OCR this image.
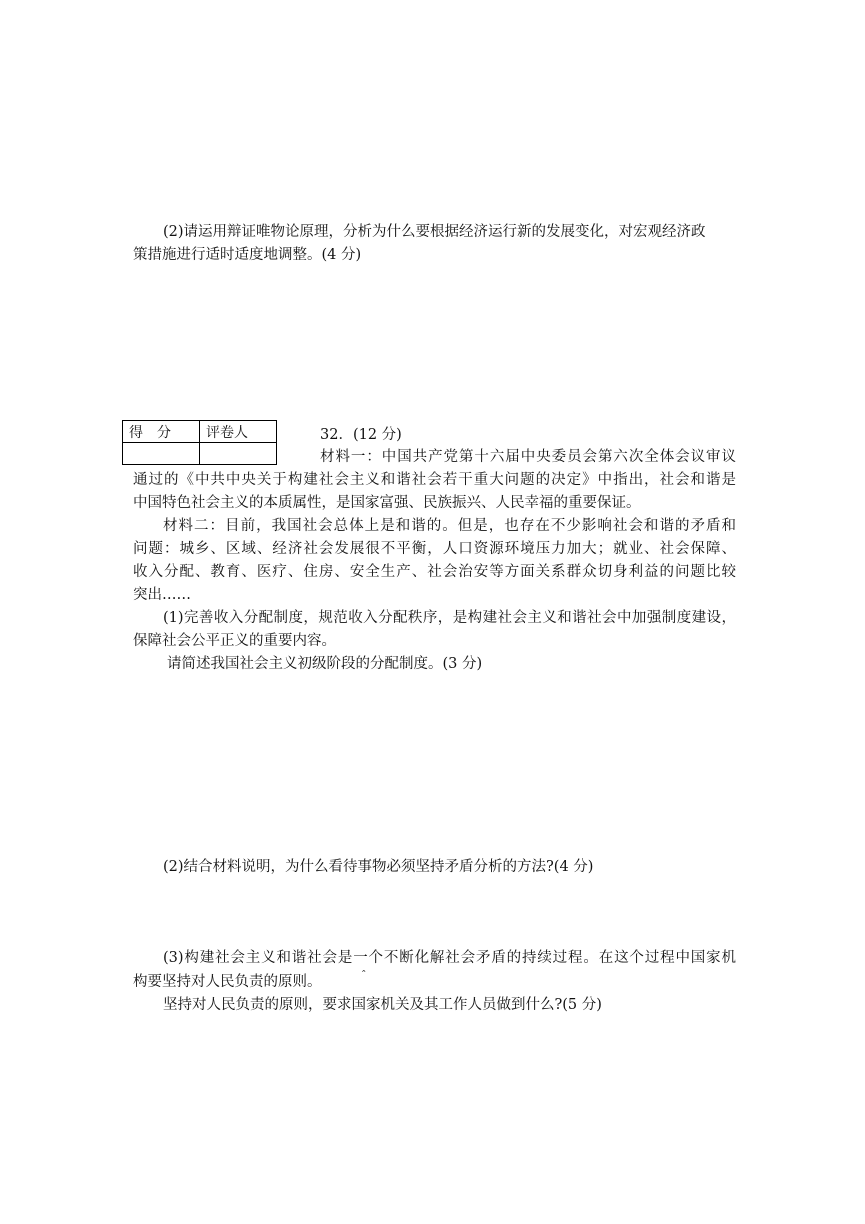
(2)请运用辩证唯物论原理，分析为什么要根据经济运行新的发展变化，对宏观经济政
策措施进行适时适度地调整。(4 分)
得　分	评卷人
		32．(12 分)
材料一：中国共产党第十六届中央委员会第六次全体会议审议
通过的《中共中央关于构建社会主义和谐社会若干重大问题的决定》中指出，社会和谐是
中国特色社会主义的本质属性，是国家富强、民族振兴、人民幸福的重要保证。
材料二：目前，我国社会总体上是和谐的。但是，也存在不少影响社会和谐的矛盾和
问题：城乡、区域、经济社会发展很不平衡，人口资源环境压力加大；就业、社会保障、
收入分配、教育、医疗、住房、安全生产、社会治安等方面关系群众切身利益的问题比较
突出……
(1)完善收入分配制度，规范收入分配秩序，是构建社会主义和谐社会中加强制度建设，
保障社会公平正义的重要内容。
请简述我国社会主义初级阶段的分配制度。(3 分)
(2)结合材料说明，为什么看待事物必须坚持矛盾分析的方法?(4 分)
(3)构建社会主义和谐社会是一个不断化解社会矛盾的持续过程。在这个过程中国家机
构要坚持对人民负责的原则。	ˆ
坚持对人民负责的原则，要求国家机关及其工作人员做到什么?(5 分)
